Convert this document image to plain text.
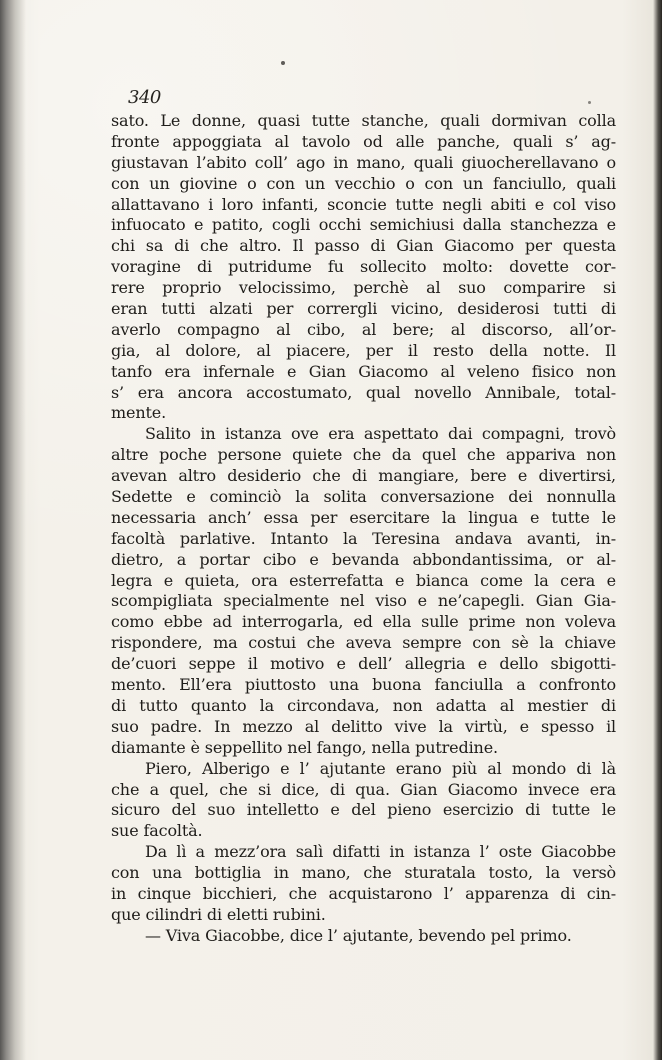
340

sato. Le donne, quasi tutte stanche, quali dormivan colla
fronte appoggiata al tavolo od alle panche, quali s’ ag-
giustavan l’abito coll’ ago in mano, quali giuocherellavano o
con un giovine o con un vecchio o con un fanciullo, quali
allattavano i loro infanti, sconcie tutte negli abiti e col viso
infuocato e patito, cogli occhi semichiusi dalla stanchezza e
chi sa di che altro. Il passo di Gian Giacomo per questa
voragine di putridume fu sollecito molto: dovette cor-
rere proprio velocissimo, perchè al suo comparire si
eran tutti alzati per corrergli vicino, desiderosi tutti di
averlo compagno al cibo, al bere; al discorso, all’or-
gia, al dolore, al piacere, per il resto della notte. Il
tanfo era infernale e Gian Giacomo al veleno fisico non
s’ era ancora accostumato, qual novello Annibale, total-
mente.

Salito in istanza ove era aspettato dai compagni, trovò
altre poche persone quiete che da quel che appariva non
avevan altro desiderio che di mangiare, bere e divertirsi,
Sedette e cominciò la solita conversazione dei nonnulla
necessaria anch’ essa per esercitare la lingua e tutte le
facoltà parlative. Intanto la Teresina andava avanti, in-
dietro, a portar cibo e bevanda abbondantissima, or al-
legra e quieta, ora esterrefatta e bianca come la cera e
scompigliata specialmente nel viso e ne’capegli. Gian Gia-
como ebbe ad interrogarla, ed ella sulle prime non voleva
rispondere, ma costui che aveva sempre con sè la chiave
de’cuori seppe il motivo e dell’ allegria e dello sbigotti-
mento. Ell’era piuttosto una buona fanciulla a confronto
di tutto quanto la circondava, non adatta al mestier di
suo padre. In mezzo al delitto vive la virtù, e spesso il
diamante è seppellito nel fango, nella putredine.

Piero, Alberigo e l’ ajutante erano più al mondo di là
che a quel, che si dice, di qua. Gian Giacomo invece era
sicuro del suo intelletto e del pieno esercizio di tutte le
sue facoltà.

Da lì a mezz’ora salì difatti in istanza l’ oste Giacobbe
con una bottiglia in mano, che sturatala tosto, la versò
in cinque bicchieri, che acquistarono l’ apparenza di cin-
que cilindri di eletti rubini.

— Viva Giacobbe, dice l’ ajutante, bevendo pel primo.
